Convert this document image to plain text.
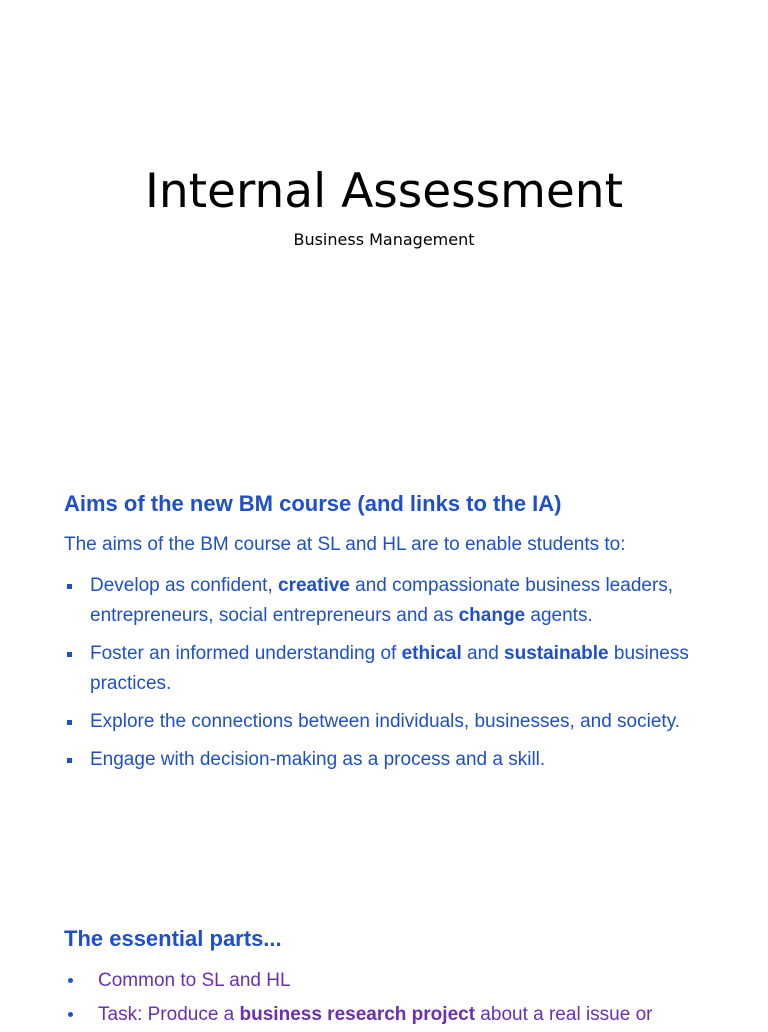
Internal Assessment

Business Management

Aims of the new BM course (and links to the IA)

The aims of the BM course at SL and HL are to enable students to:

Develop as confident, creative and compassionate business leaders, entrepreneurs, social entrepreneurs and as change agents.
Foster an informed understanding of ethical and sustainable business practices.
Explore the connections between individuals, businesses, and society.
Engage with decision-making as a process and a skill.
The essential parts...
Common to SL and HL
Task: Produce a business research project about a real issue or
